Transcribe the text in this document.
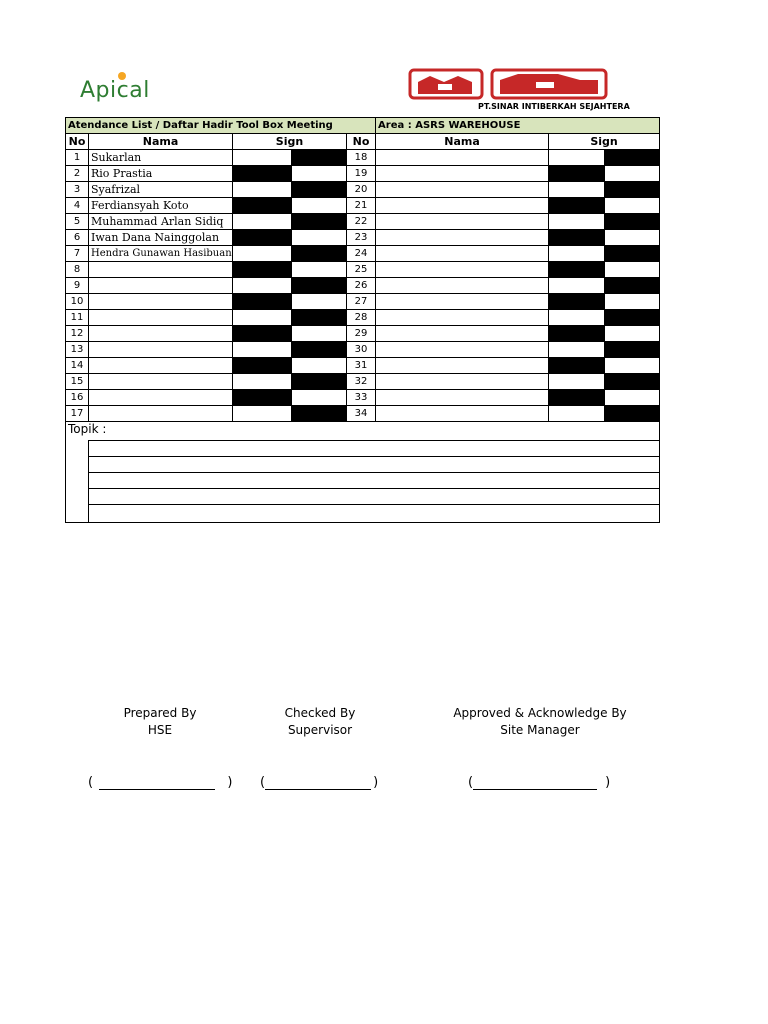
Apical
PT.SINAR INTIBERKAH SEJAHTERA
Atendance List / Daftar Hadir Tool Box Meeting					Area : ASRS WAREHOUSE		
No	Nama	Sign		No	Nama	Sign	
1	Sukarlan			18			
2	Rio Prastia			19			
3	Syafrizal			20			
4	Ferdiansyah Koto			21			
5	Muhammad Arlan Sidiq			22			
6	Iwan Dana Nainggolan			23			
7	Hendra Gunawan Hasibuan			24			
8				25			
9				26			
10				27			
11				28			
12				29			
13				30			
14				31			
15				32			
16				33			
17				34			
Topik :							

Prepared By
HSE
Checked By
Supervisor
Approved & Acknowledge By
Site Manager
(	) (	)	(	)
